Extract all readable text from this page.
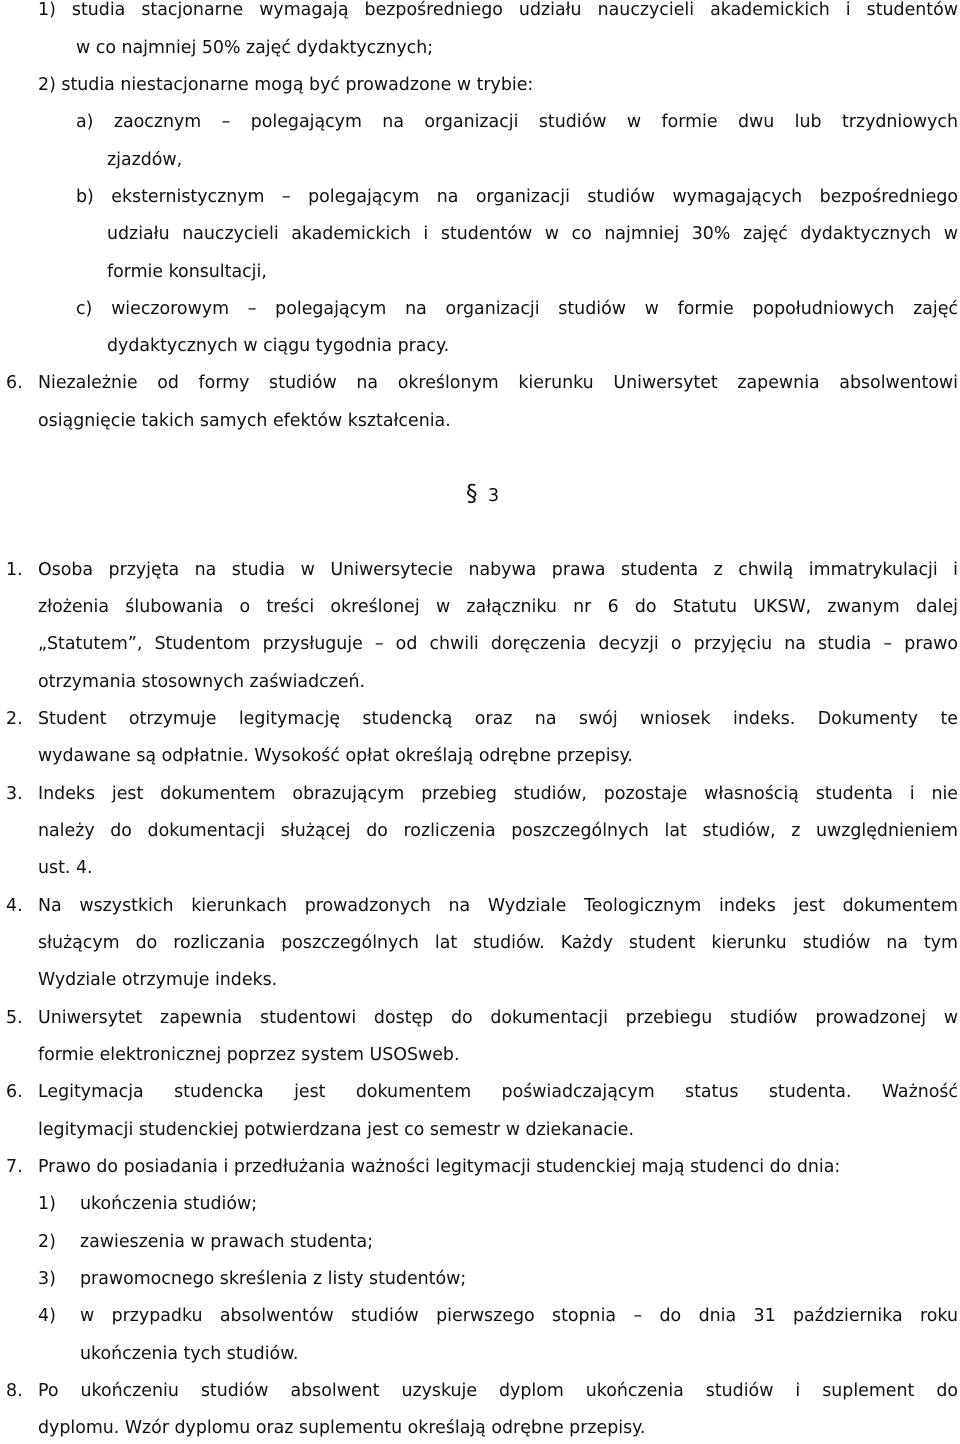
1) studia stacjonarne wymagają bezpośredniego udziału nauczycieli akademickich i studentów
w co najmniej 50% zajęć dydaktycznych;
2) studia niestacjonarne mogą być prowadzone w trybie:
a) zaocznym – polegającym na organizacji studiów w formie dwu lub trzydniowych
zjazdów,
b) eksternistycznym – polegającym na organizacji studiów wymagających bezpośredniego
udziału nauczycieli akademickich i studentów w co najmniej 30% zajęć dydaktycznych w
formie konsultacji,
c) wieczorowym – polegającym na organizacji studiów w formie popołudniowych zajęć
dydaktycznych w ciągu tygodnia pracy.
6. Niezależnie od formy studiów na określonym kierunku Uniwersytet zapewnia absolwentowi
osiągnięcie takich samych efektów kształcenia.
§ 3
1. Osoba przyjęta na studia w Uniwersytecie nabywa prawa studenta z chwilą immatrykulacji i
złożenia ślubowania o treści określonej w załączniku nr 6 do Statutu UKSW, zwanym dalej
„Statutem”, Studentom przysługuje – od chwili doręczenia decyzji o przyjęciu na studia – prawo
otrzymania stosownych zaświadczeń.
2. Student otrzymuje legitymację studencką oraz na swój wniosek indeks. Dokumenty te
wydawane są odpłatnie. Wysokość opłat określają odrębne przepisy.
3. Indeks jest dokumentem obrazującym przebieg studiów, pozostaje własnością studenta i nie
należy do dokumentacji służącej do rozliczenia poszczególnych lat studiów, z uwzględnieniem
ust. 4.
4. Na wszystkich kierunkach prowadzonych na Wydziale Teologicznym indeks jest dokumentem
służącym do rozliczania poszczególnych lat studiów. Każdy student kierunku studiów na tym
Wydziale otrzymuje indeks.
5. Uniwersytet zapewnia studentowi dostęp do dokumentacji przebiegu studiów prowadzonej w
formie elektronicznej poprzez system USOSweb.
6. Legitymacja studencka jest dokumentem poświadczającym status studenta. Ważność
legitymacji studenckiej potwierdzana jest co semestr w dziekanacie.
7. Prawo do posiadania i przedłużania ważności legitymacji studenckiej mają studenci do dnia:
1) ukończenia studiów;
2) zawieszenia w prawach studenta;
3) prawomocnego skreślenia z listy studentów;
4) w przypadku absolwentów studiów pierwszego stopnia – do dnia 31 października roku
ukończenia tych studiów.
8. Po ukończeniu studiów absolwent uzyskuje dyplom ukończenia studiów i suplement do
dyplomu. Wzór dyplomu oraz suplementu określają odrębne przepisy.
